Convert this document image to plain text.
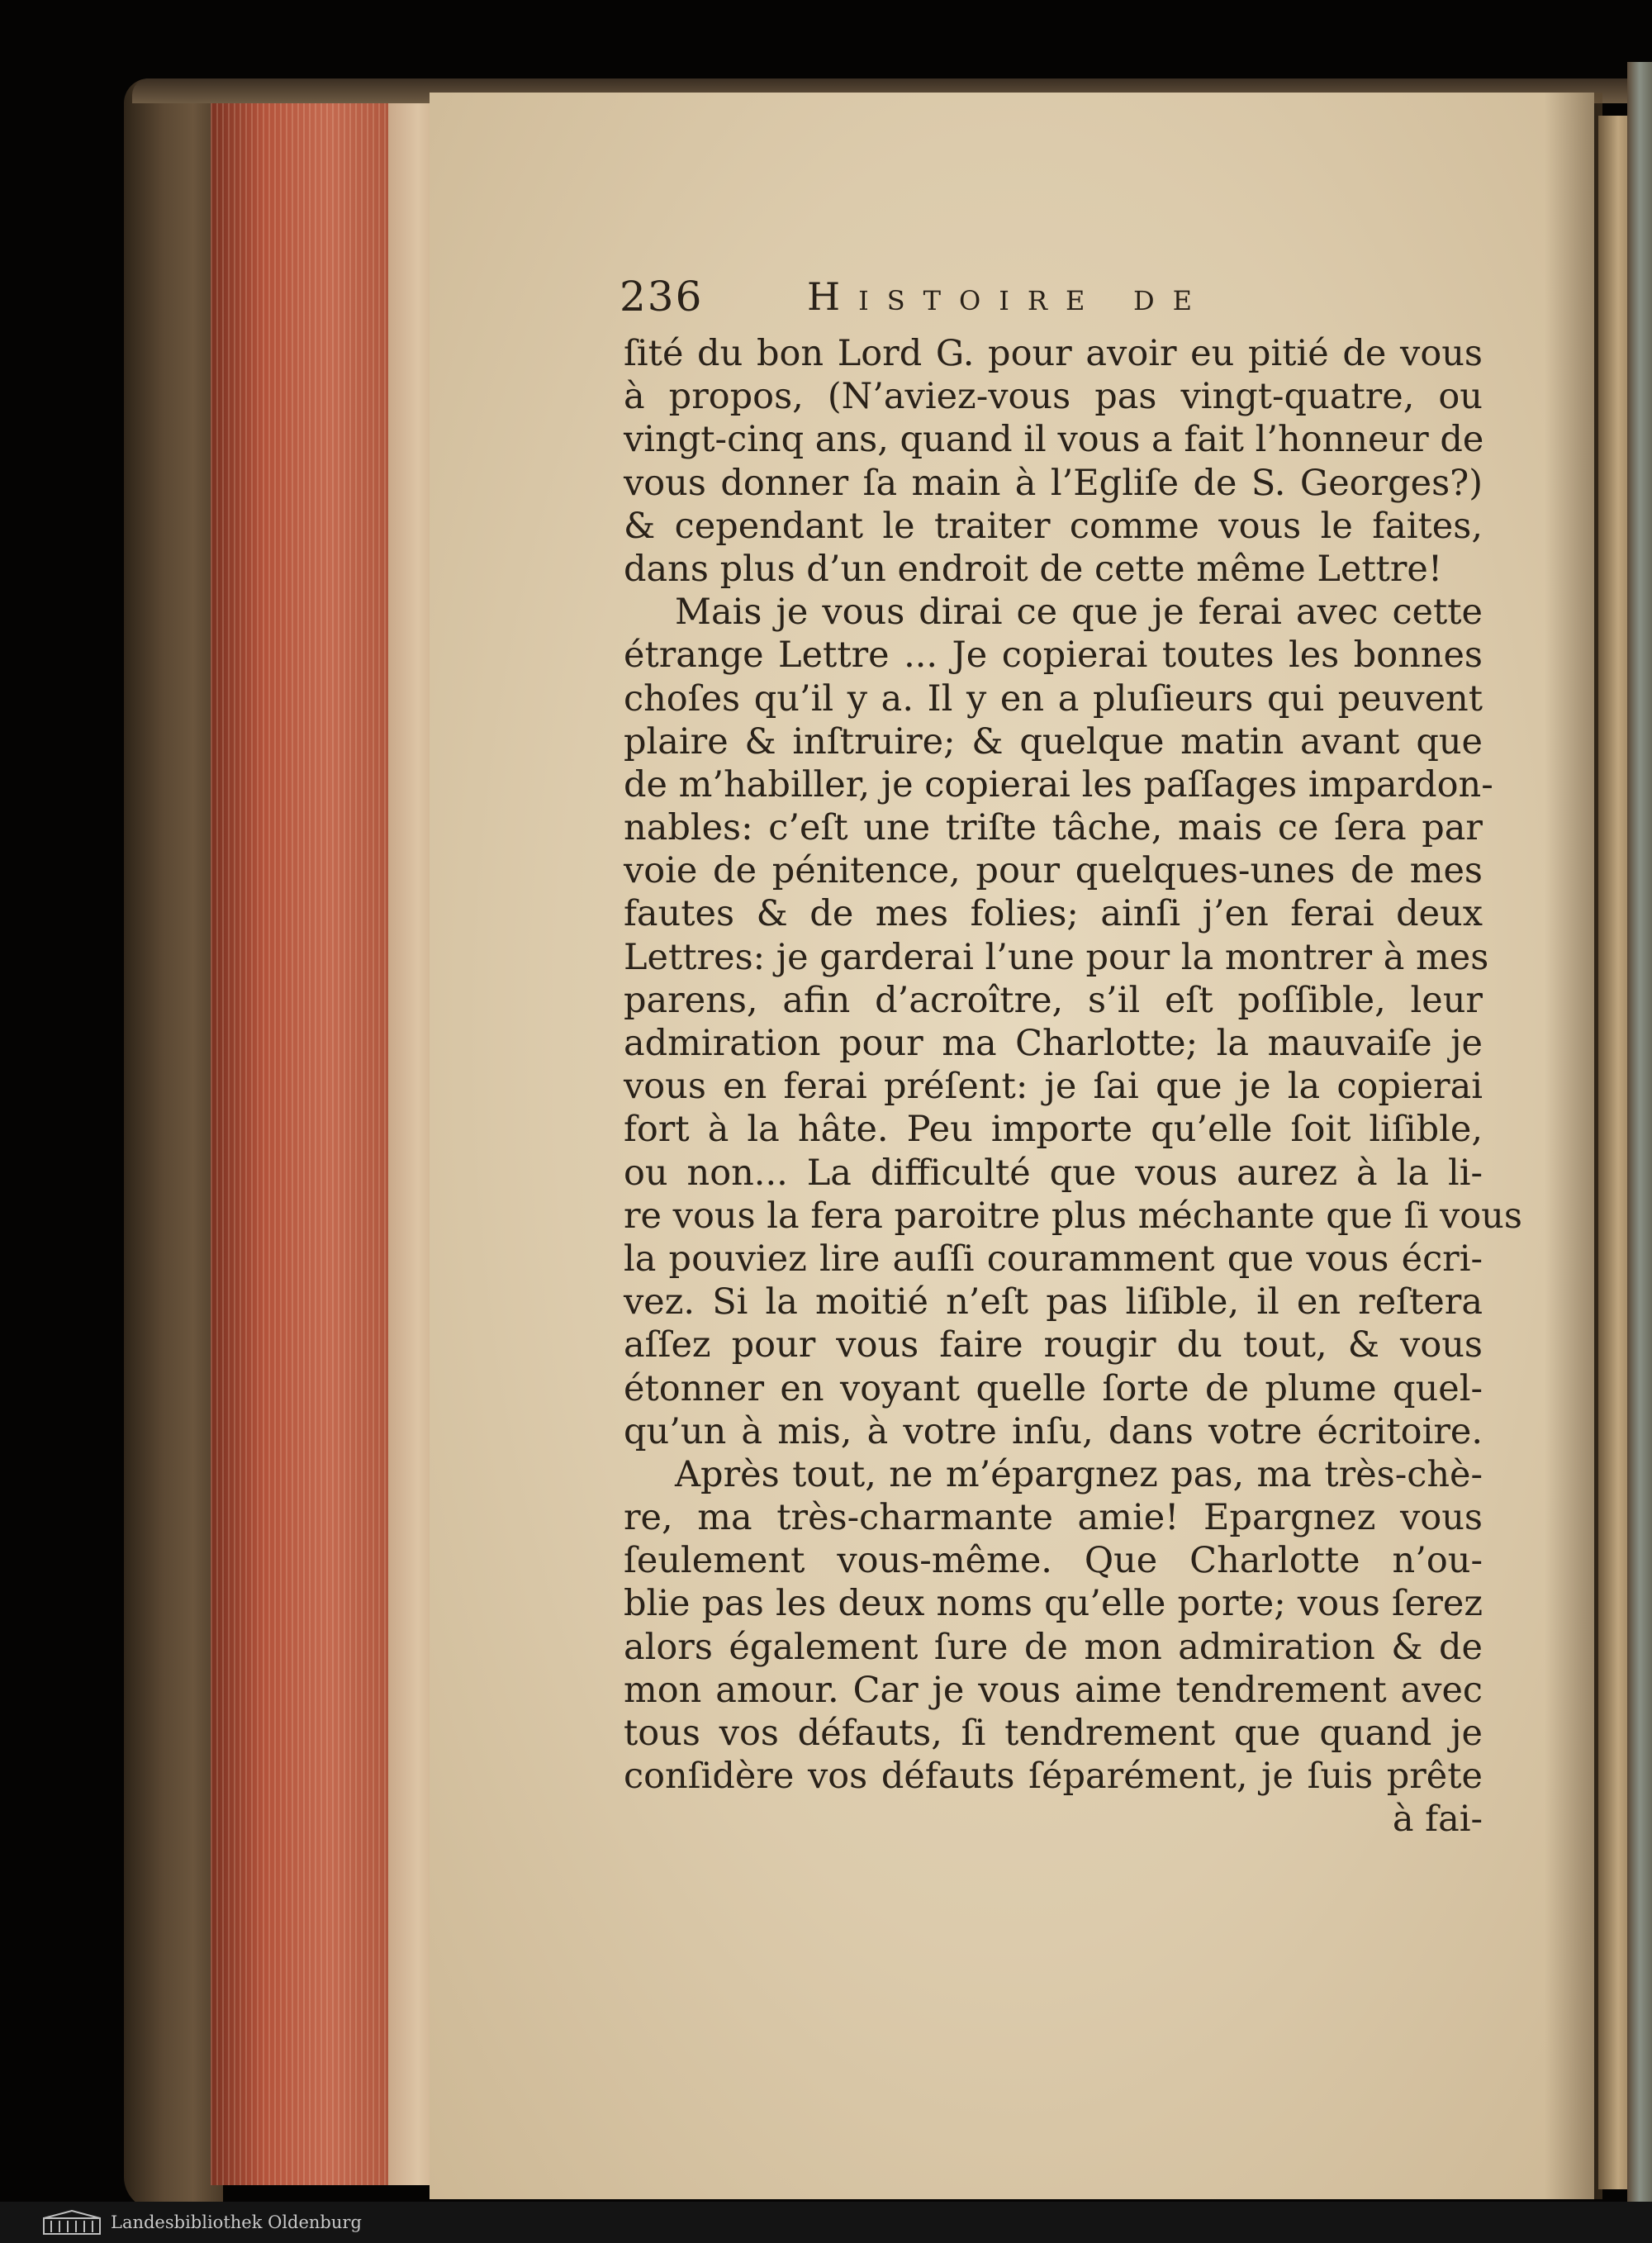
236	Histoire de
ſité du bon Lord G. pour avoir eu pitié de vous
à propos, (N’aviez-vous pas vingt-quatre, ou
vingt-cinq ans, quand il vous a fait l’honneur de
vous donner ſa main à l’Egliſe de S. Georges?)
& cependant le traiter comme vous le faites,
dans plus d’un endroit de cette même Lettre!
Mais je vous dirai ce que je ferai avec cette
étrange Lettre ... Je copierai toutes les bonnes
choſes qu’il y a. Il y en a pluſieurs qui peuvent
plaire & inſtruire; & quelque matin avant que
de m’habiller, je copierai les paſſages impardon-
nables: c’eſt une triſte tâche, mais ce ſera par
voie de pénitence, pour quelques-unes de mes
fautes & de mes folies; ainſi j’en ferai deux
Lettres: je garderai l’une pour la montrer à mes
parens, afin d’acroître, s’il eſt poſſible, leur
admiration pour ma Charlotte; la mauvaiſe je
vous en ferai préſent: je ſai que je la copierai
fort à la hâte. Peu importe qu’elle ſoit liſible,
ou non... La difficulté que vous aurez à la li-
re vous la fera paroitre plus méchante que ſi vous
la pouviez lire auſſi couramment que vous écri-
vez. Si la moitié n’eſt pas liſible, il en reſtera
aſſez pour vous faire rougir du tout, & vous
étonner en voyant quelle ſorte de plume quel-
qu’un à mis, à votre inſu, dans votre écritoire.
Après tout, ne m’épargnez pas, ma très-chè-
re, ma très-charmante amie! Epargnez vous
ſeulement vous-même. Que Charlotte n’ou-
blie pas les deux noms qu’elle porte; vous ſerez
alors également ſure de mon admiration & de
mon amour. Car je vous aime tendrement avec
tous vos défauts, ſi tendrement que quand je
conſidère vos défauts ſéparément, je ſuis prête
à fai-
Landesbibliothek Oldenburg
